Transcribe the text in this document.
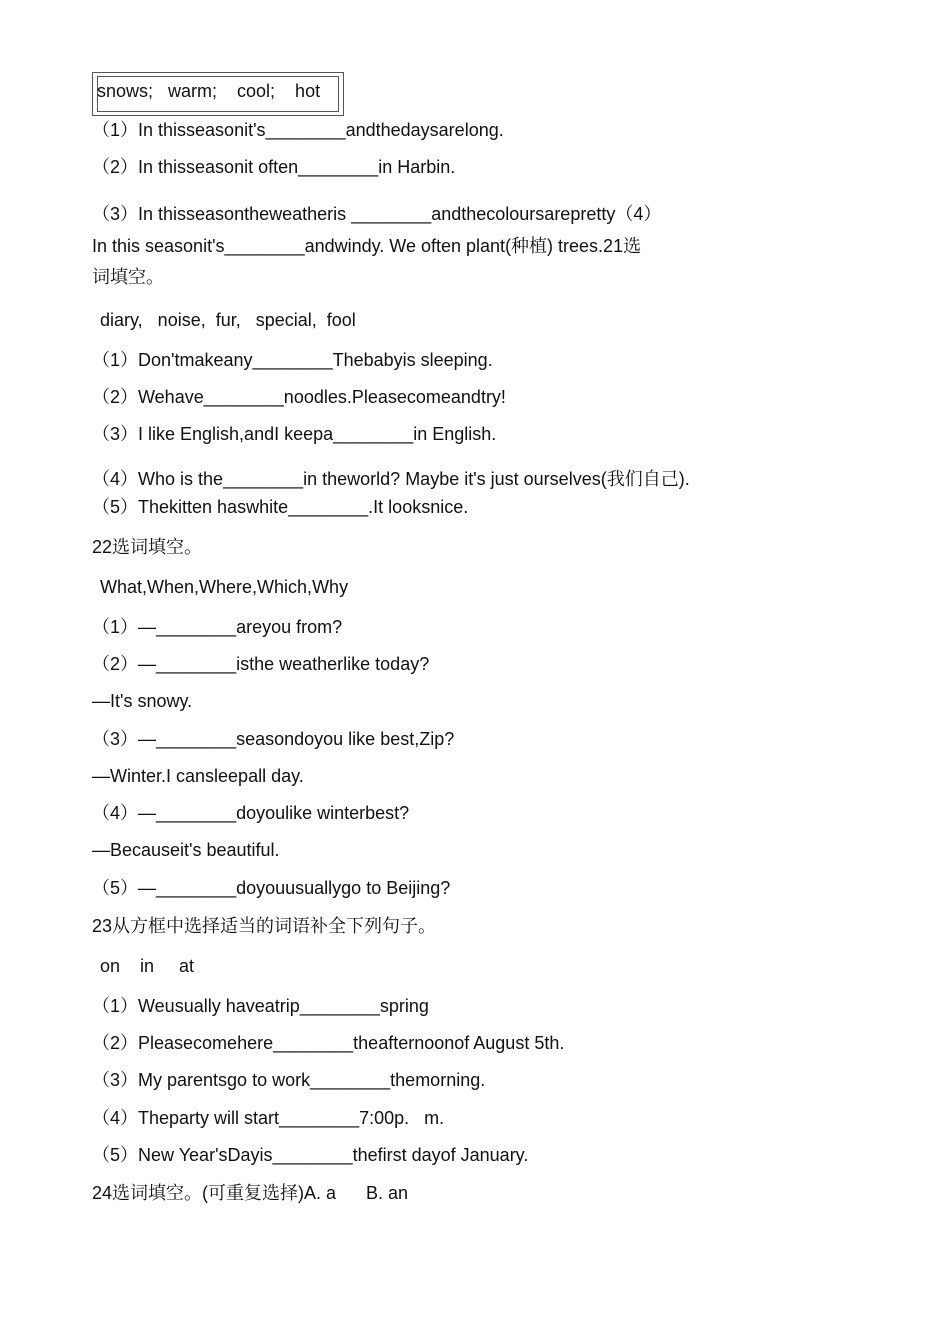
snows;   warm;    cool;    hot
（1）In thisseasonit's________andthedaysarelong.
（2）In thisseasonit often________in Harbin.
（3）In thisseasontheweatheris ________andthecoloursarepretty（4）
In this seasonit's________andwindy. We often plant(种植) trees.21选
词填空。
diary,   noise,  fur,   special,  fool
（1）Don'tmakeany________Thebabyis sleeping.
（2）Wehave________noodles.Pleasecomeandtry!
（3）I like English,andI keepa________in English.
（4）Who is the________in theworld? Maybe it's just ourselves(我们自己).
（5）Thekitten haswhite________.It looksnice.
22选词填空。
What,When,Where,Which,Why
（1）—________areyou from?
（2）—________isthe weatherlike today?
—It's snowy.
（3）—________seasondoyou like best,Zip?
—Winter.I cansleepall day.
（4）—________doyoulike winterbest?
—Becauseit's beautiful.
（5）—________doyouusuallygo to Beijing?
23从方框中选择适当的词语补全下列句子。
on    in     at
（1）Weusually haveatrip________spring
（2）Pleasecomehere________theafternoonof August 5th.
（3）My parentsgo to work________themorning.
（4）Theparty will start________7:00p.   m.
（5）New Year'sDayis________thefirst dayof January.
24选词填空。(可重复选择)A. a      B. an
